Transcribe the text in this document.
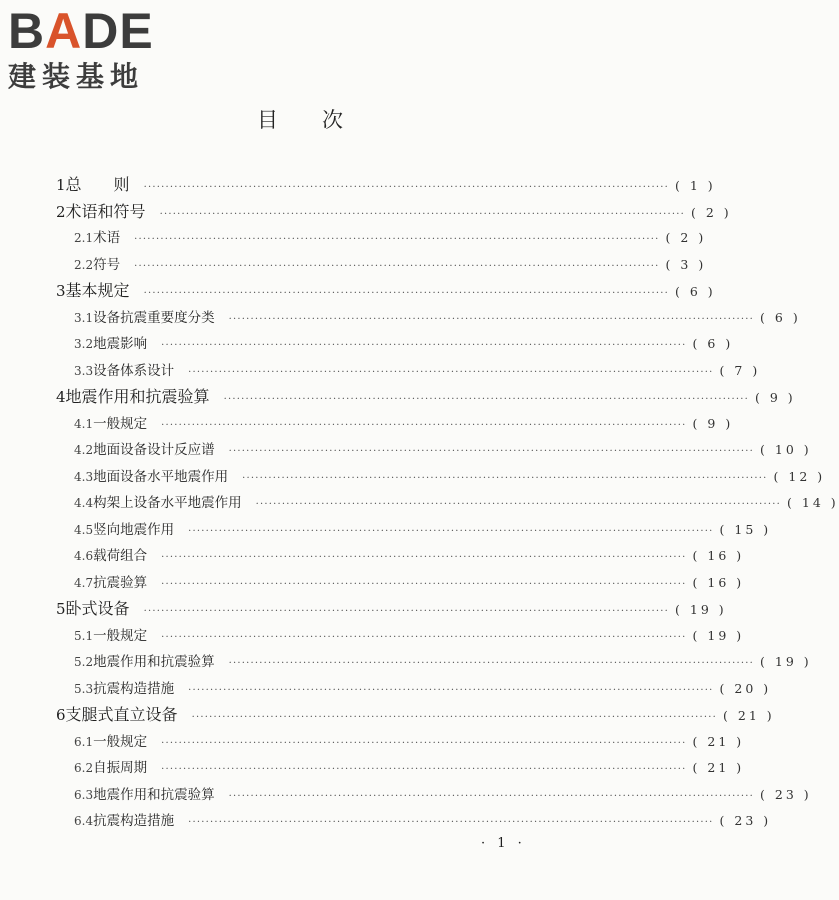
BADE
建装基地
目次
1 总　　则 ························································································································ ( 1 )
2 术语和符号 ························································································································ ( 2 )
2.1 术语 ························································································································ ( 2 )
2.2 符号 ························································································································ ( 3 )
3 基本规定 ························································································································ ( 6 )
3.1 设备抗震重要度分类 ························································································································ ( 6 )
3.2 地震影响 ························································································································ ( 6 )
3.3 设备体系设计 ························································································································ ( 7 )
4 地震作用和抗震验算 ························································································································ ( 9 )
4.1 一般规定 ························································································································ ( 9 )
4.2 地面设备设计反应谱 ························································································································ ( 10 )
4.3 地面设备水平地震作用 ························································································································ ( 12 )
4.4 构架上设备水平地震作用 ························································································································ ( 14 )
4.5 竖向地震作用 ························································································································ ( 15 )
4.6 载荷组合 ························································································································ ( 16 )
4.7 抗震验算 ························································································································ ( 16 )
5 卧式设备 ························································································································ ( 19 )
5.1 一般规定 ························································································································ ( 19 )
5.2 地震作用和抗震验算 ························································································································ ( 19 )
5.3 抗震构造措施 ························································································································ ( 20 )
6 支腿式直立设备 ························································································································ ( 21 )
6.1 一般规定 ························································································································ ( 21 )
6.2 自振周期 ························································································································ ( 21 )
6.3 地震作用和抗震验算 ························································································································ ( 23 )
6.4 抗震构造措施 ························································································································ ( 23 )
· 1 ·
